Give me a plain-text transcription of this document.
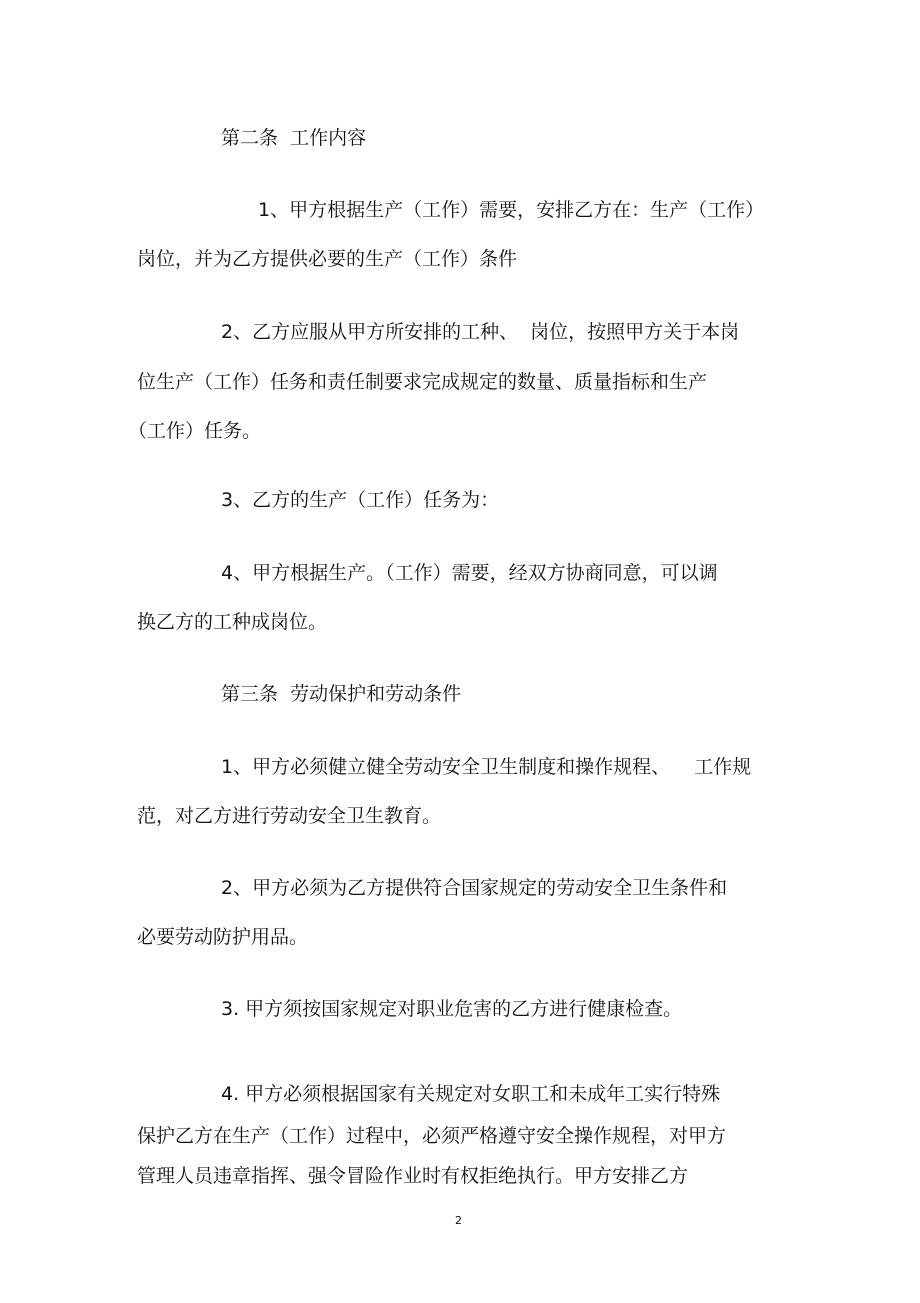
第二条  工作内容
1、甲方根据生产（工作）需要，安排乙方在：生产（工作）
岗位，并为乙方提供必要的生产（工作）条件
2、乙方应服从甲方所安排的工种、  岗位，按照甲方关于本岗
位生产（工作）任务和责任制要求完成规定的数量、质量指标和生产
（工作）任务。
3、乙方的生产（工作）任务为：
4、甲方根据生产。（工作）需要，经双方协商同意，可以调
换乙方的工种成岗位。
第三条  劳动保护和劳动条件
1、甲方必须健立健全劳动安全卫生制度和操作规程、    工作规
范，对乙方进行劳动安全卫生教育。
2、甲方必须为乙方提供符合国家规定的劳动安全卫生条件和
必要劳动防护用品。
3. 甲方须按国家规定对职业危害的乙方进行健康检查。
4. 甲方必须根据国家有关规定对女职工和未成年工实行特殊
保护乙方在生产（工作）过程中，必须严格遵守安全操作规程，对甲方
管理人员违章指挥、强令冒险作业时有权拒绝执行。甲方安排乙方
2
